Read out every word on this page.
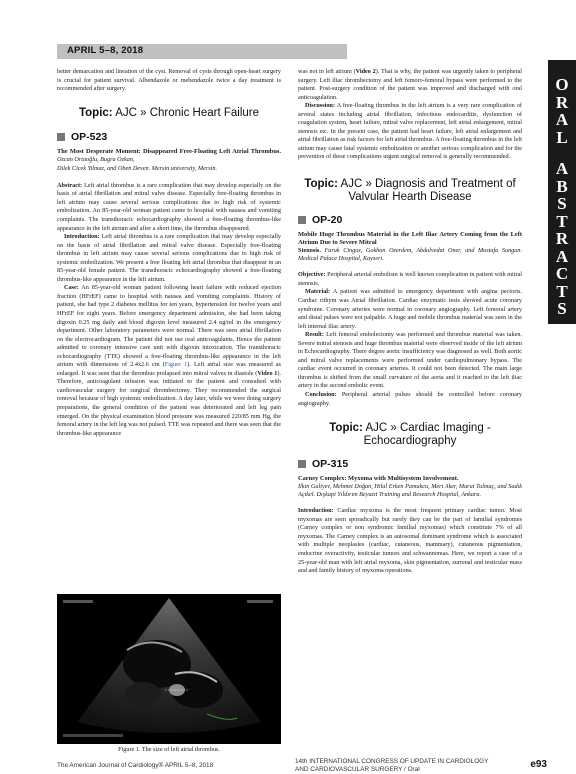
APRIL 5–8, 2018
O
R
A
L
A
B
S
T
R
A
C
T
S

better demarcation and lineation of the cyst. Removal of cysts through open-heart surgery is crucial for patient survival. Albendazole or mebendazole twice a day treatment is recommended after surgery.

Topic: AJC » Chronic Heart Failure
OP-523
The Most Desperate Moment: Disappeared Free-Floating Left Atrial Thrombus. Ozcan Ortaoğlu, Bugra Özkan,
Dilek Cicek Yilmaz, and Oben Deven. Mersin university, Mersin.

Abstract: Left atrial thrombus is a rare complication that may develop especially on the basis of atrial fibrillation and mitral valve disease. Especially free-floating thrombus in left atrium may cause several serious complications due to high risk of systemic embolization. An 85-year-old woman patient came to hospital with nausea and vomiting complaints. The transthoracic echocardiography showed a free-floating thrombus-like appearance in the left atrium and after a short time, the thrombus disappeared.

Introduction: Left atrial thrombus is a rare complication that may develop especially on the basis of atrial fibrillation and mitral valve disease. Especially free-floating thrombus in left atrium may cause several serious complications due to high risk of systemic embolization. We present a free floating left atrial thrombus that disappear in an 85-year-old female patient. The transthoracic echocardiography showed a free-floating thrombus-like appearance in the left atrium.

Case: An 85-year-old woman patient following heart failure with reduced ejection fraction (HFrEF) came to hospital with nausea and vomiting complaints. History of patient, she had type 2 diabetes mellitus for ten years, hypertension for twelve years and HFrEF for eight years. Before emergency department admission, she had been taking digoxin 0.25 mg daily and blood digoxin level measured 2.4 ng/ml in the emergency department. Other laboratory parameters were normal. There was seen atrial fibrillation on the electrocardiogram. The patient did not use oral anticoagulants. Hence the patient admitted to coronary intensive care unit with digoxin intoxication. The transthoracic echocardiography (TTE) showed a free-floating thrombus-like appearance in the left atrium with dimensions of 2.4x2.6 cm (Figure 1). Left atrial size was measured as enlarged. It was seen that the thrombus prolapsed into mitral valves in diastole (Video 1). Therefore, anticoagulant infusion was initiated to the patient and consulted with cardiovascular surgery for surgical thrombectomy. They recommended the surgical removal because of high systemic embolization. A day later, while we were doing surgery preparations, the general condition of the patient was deteriorated and left leg pain emerged. On the physical examination blood pressure was measured 220/85 mm Hg, the femoral artery in the left leg was not pulsed. TTE was repeated and there was seen that the thrombus-like appearance

Figure 1. The size of left atrial thrombus.

was not in left atrium (Video 2). That is why, the patient was urgently taken to peripheral surgery. Left iliac thrombectomy and left femoro-femoral bypass were performed to the patient. Post-surgery condition of the patient was improved and discharged with oral anticoagulation.

Discussion: A free-floating thrombus in the left atrium is a very rare complication of several states including atrial fibrillation, infectious endocarditis, dysfunction of coagulation system, heart failure, mitral valve replacement, left atrial enlargement, mitral stenosis etc. In the present case, the patient had heart failure, left atrial enlargement and atrial fibrillation as risk factors for left atrial thrombus. A free-floating thrombus in the left atrium may cause fatal systemic embolization or another serious complication and for the prevention of these complications urgent surgical removal is generally recommended.

Topic: AJC » Diagnosis and Treatment of Valvular Hearth Disease
OP-20
Mobile Huge Thrombus Material in the Left Iliac Artery Coming from the Left Atrium Due to Severe Mitral
Stenosis. Faruk Cingoz, Gokhan Ozerdem, Abdulvedat Oner, and Mustafa Sungun. Medical Palace Hospital, Kayseri.

Objective: Peripheral arterial embolism is well known complication in patient with mitral stenosis.

Material: A patient was admitted to emergency department with angina pectoris. Cardiac rithym was Atrial fibrillation. Cardiac enzymatic tests showed acute coronary syndrome. Coronary arteries were normal in coronary angiography. Left femoral artery and distal pulses were not palpable. A huge and mobile thrombus material was seen in the left internal iliac artery.

Result: Left femoral embolectomy was performed and thrombus material was taken. Severe mitral stenosis and huge thrombus material were observed inside of the left atrium in Echocardiography. There degree aortic insufficiency was diagnosed as well. Both aortic and mitral valve replacements were performed under cardiopulmonary bypass. The cardiac event occurred in coronary arteries. It could not been detected. The main large thrombus is shifted from the small curvature of the aorta and it reached to the left iliac artery in the second embolic event.

Conclusion: Peripheral arterial pulses should be controlled before coronary angiography.

Topic: AJC » Cardiac Imaging - Echocardiography
OP-315
Carney Complex: Myxoma with Multisystem Involvement.
Ilkin Guliyev, Mehmet Doğan, Hilal Erken Pamukcu, Mert Aker, Murat Tulmaç, and Sadık Açikel. Dışkapi Yıldırım Beyazıt Training and Research Hospital, Ankara.

Introduction: Cardiac myxoma is the most frequent primary cardiac tumor. Most myxomas are seen sporadically but rarely they can be the part of familial syndromes (Carney complex or non syndromic familial myxomas) which constitute 7% of all myxomas. The Carney complex is an autosomal dominant syndrome which is associated with multiple neoplasies (cardiac, cutaneous, mammary), cutaneous pigmentation, endocrine overactivity, testicular tumors and schwannomas. Here, we report a case of a 25-year-old man with left atrial myxoma, skin pigmentation, surrenal and testicular mass and and family history of myxoma operations.

The American Journal of Cardiology® APRIL 5–8, 2018
14th INTERNATIONAL CONGRESS OF UPDATE IN CARDIOLOGY AND CARDIOVASCULAR SURGERY / Oral	e93
